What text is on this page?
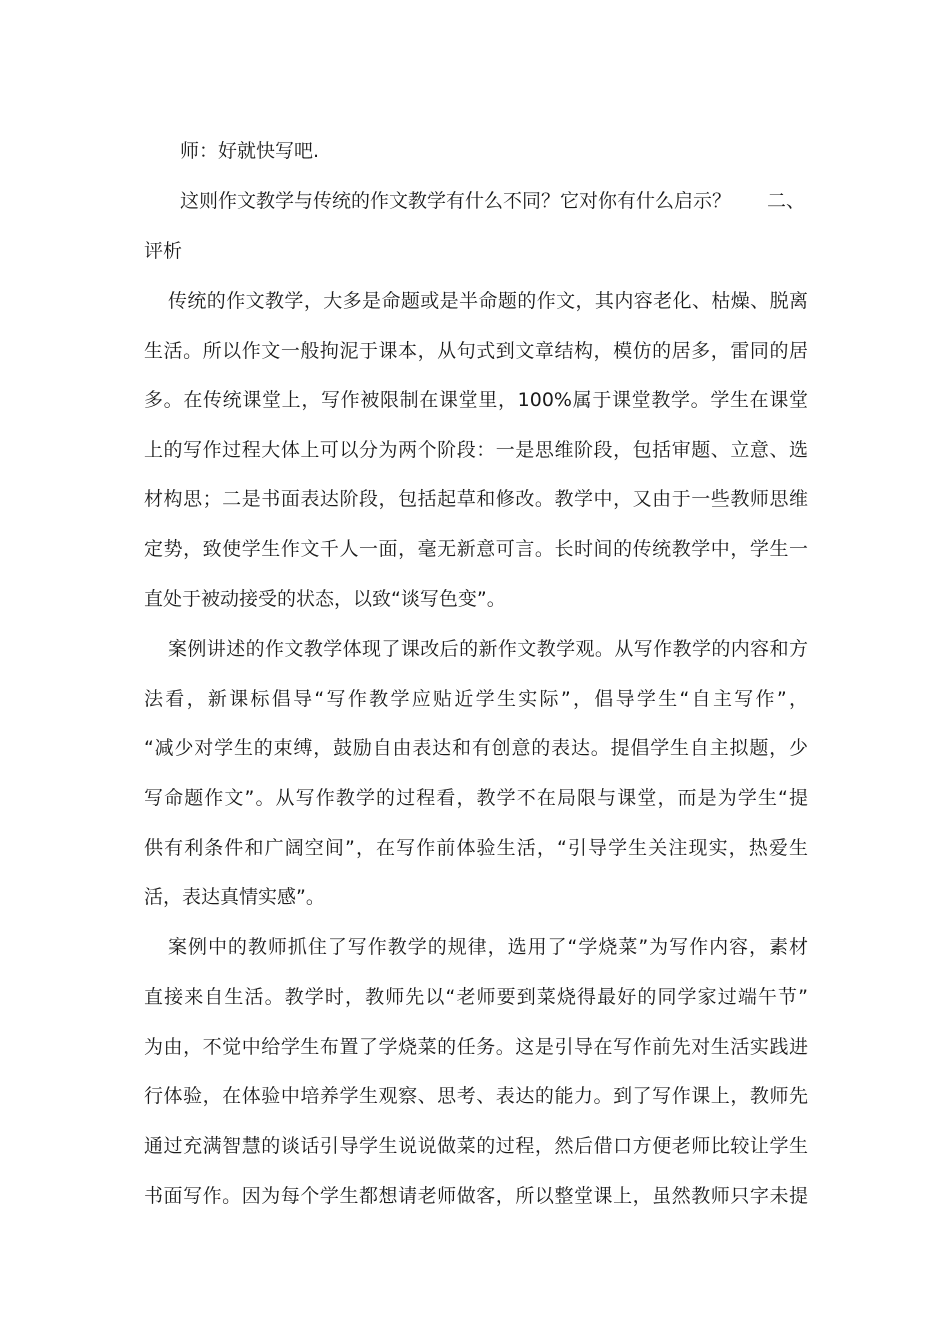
师：好就快写吧.
这则作文教学与传统的作文教学有什么不同？它对你有什么启示？	二、
评析
传统的作文教学，大多是命题或是半命题的作文，其内容老化、枯燥、脱离
生活。所以作文一般拘泥于课本，从句式到文章结构，模仿的居多，雷同的居
多。在传统课堂上，写作被限制在课堂里，100%属于课堂教学。学生在课堂
上的写作过程大体上可以分为两个阶段：一是思维阶段，包括审题、立意、选
材构思；二是书面表达阶段，包括起草和修改。教学中，又由于一些教师思维
定势，致使学生作文千人一面，毫无新意可言。长时间的传统教学中，学生一
直处于被动接受的状态，以致“谈写色变”。
案例讲述的作文教学体现了课改后的新作文教学观。从写作教学的内容和方
法看，新课标倡导“写作教学应贴近学生实际”，倡导学生“自主写作”，
“减少对学生的束缚，鼓励自由表达和有创意的表达。提倡学生自主拟题，少
写命题作文”。从写作教学的过程看，教学不在局限与课堂，而是为学生“提
供有利条件和广阔空间”，在写作前体验生活，“引导学生关注现实，热爱生
活，表达真情实感”。
案例中的教师抓住了写作教学的规律，选用了“学烧菜”为写作内容，素材
直接来自生活。教学时，教师先以“老师要到菜烧得最好的同学家过端午节”
为由，不觉中给学生布置了学烧菜的任务。这是引导在写作前先对生活实践进
行体验，在体验中培养学生观察、思考、表达的能力。到了写作课上，教师先
通过充满智慧的谈话引导学生说说做菜的过程，然后借口方便老师比较让学生
书面写作。因为每个学生都想请老师做客，所以整堂课上，虽然教师只字未提
